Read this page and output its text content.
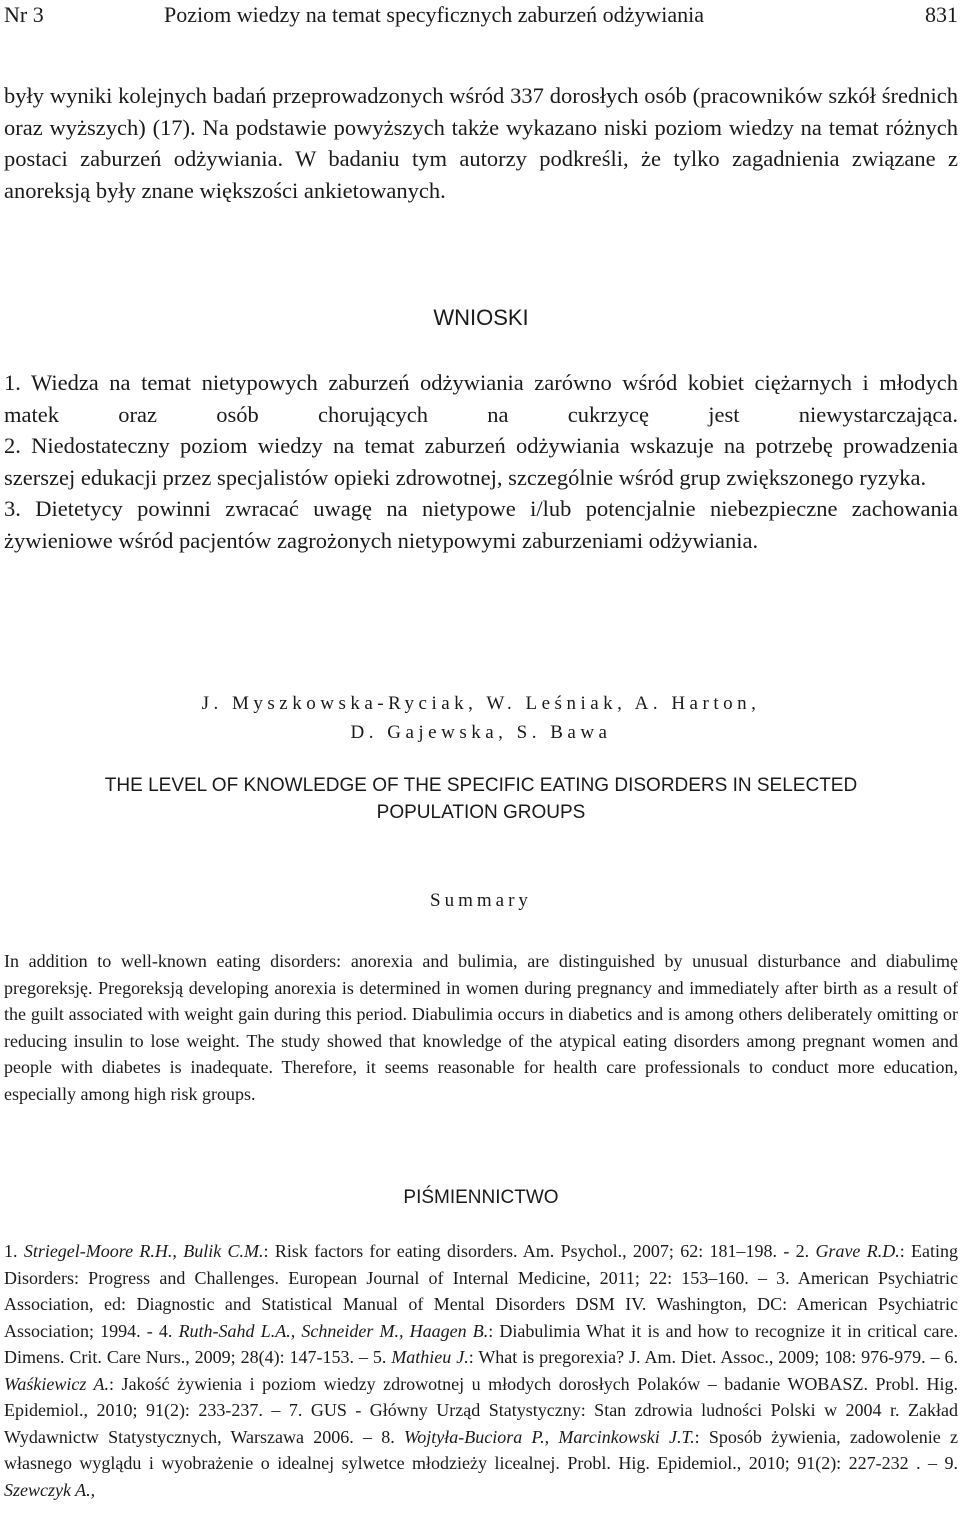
Nr 3	Poziom wiedzy na temat specyficznych zaburzeń odżywiania	831

były wyniki kolejnych badań przeprowadzonych wśród 337 dorosłych osób (pracowników szkół średnich oraz wyższych) (17). Na podstawie powyższych także wykazano niski poziom wiedzy na temat różnych postaci zaburzeń odżywiania. W badaniu tym autorzy podkreśli, że tylko zagadnienia związane z anoreksją były znane większości ankietowanych.

WNIOSKI

1. Wiedza na temat nietypowych zaburzeń odżywiania zarówno wśród kobiet ciężarnych i młodych matek oraz osób chorujących na cukrzycę jest niewystarczająca.

2. Niedostateczny poziom wiedzy na temat zaburzeń odżywiania wskazuje na potrzebę prowadzenia szerszej edukacji przez specjalistów opieki zdrowotnej, szczególnie wśród grup zwiększonego ryzyka.

3. Dietetycy powinni zwracać uwagę na nietypowe i/lub potencjalnie niebezpieczne zachowania żywieniowe wśród pacjentów zagrożonych nietypowymi zaburzeniami odżywiania.

J. Myszkowska-Ryciak, W. Leśniak, A. Harton,
D. Gajewska, S. Bawa
THE LEVEL OF KNOWLEDGE OF THE SPECIFIC EATING DISORDERS IN SELECTED
POPULATION GROUPS
Summary

In addition to well-known eating disorders: anorexia and bulimia, are distinguished by unusual disturbance and diabulimę pregoreksję. Pregoreksją developing anorexia is determined in women during pregnancy and immediately after birth as a result of the guilt associated with weight gain during this period. Diabulimia occurs in diabetics and is among others deliberately omitting or reducing insulin to lose weight. The study showed that knowledge of the atypical eating disorders among pregnant women and people with diabetes is inadequate. Therefore, it seems reasonable for health care professionals to conduct more education, especially among high risk groups.

PIŚMIENNICTWO

1. Striegel-Moore R.H., Bulik C.M.: Risk factors for eating disorders. Am. Psychol., 2007; 62: 181–198. - 2. Grave R.D.: Eating Disorders: Progress and Challenges. European Journal of Internal Medicine, 2011; 22: 153–160. – 3. American Psychiatric Association, ed: Diagnostic and Statistical Manual of Mental Disorders DSM IV. Washington, DC: American Psychiatric Association; 1994. - 4. Ruth-Sahd L.A., Schneider M., Haagen B.: Diabulimia What it is and how to recognize it in critical care. Dimens. Crit. Care Nurs., 2009; 28(4): 147-153. – 5. Mathieu J.: What is pregorexia? J. Am. Diet. Assoc., 2009; 108: 976-979. – 6. Waśkiewicz A.: Jakość żywienia i poziom wiedzy zdrowotnej u młodych dorosłych Polaków – badanie WOBASZ. Probl. Hig. Epidemiol., 2010; 91(2): 233-237. – 7. GUS - Główny Urząd Statystyczny: Stan zdrowia ludności Polski w 2004 r. Zakład Wydawnictw Statystycznych, Warszawa 2006. – 8. Wojtyła-Buciora P., Marcinkowski J.T.: Sposób żywienia, zadowolenie z własnego wyglądu i wyobrażenie o idealnej sylwetce młodzieży licealnej. Probl. Hig. Epidemiol., 2010; 91(2): 227-232 . – 9. Szewczyk A.,
